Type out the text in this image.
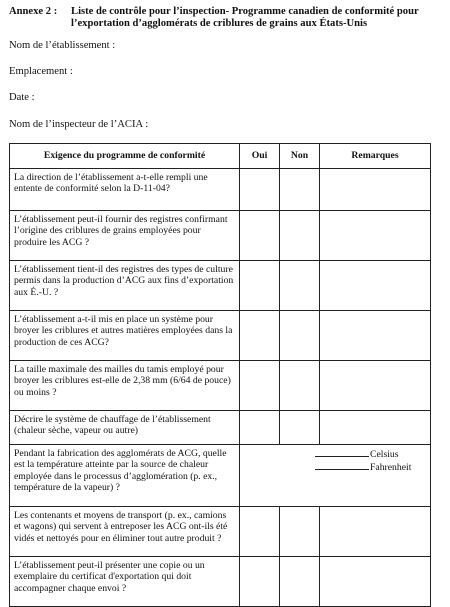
Annexe 2 :	Liste de contrôle pour l’inspection- Programme canadien de conformité pour l’exportation d’agglomérats de criblures de grains aux États-Unis
Nom de l’établissement :
Emplacement :
Date :
Nom de l’inspecteur de l’ACIA :
Exigence du programme de conformité	Oui	Non	Remarques
La direction de l’établissement a-t-elle rempli une entente de conformité selon la D-11-04?			
L’établissement peut-il fournir des registres confirmant l’origine des criblures de grains employées pour produire les ACG ?			
L’établissement tient-il des registres des types de culture permis dans la production d’ACG aux fins d’exportation aux É.-U. ?			
L’établissement a-t-il mis en place un système pour broyer les criblures et autres matières employées dans la production de ces ACG?			
La taille maximale des mailles du tamis employé pour broyer les criblures est-elle de 2,38 mm (6/64 de pouce) ou moins ?			
Décrire le système de chauffage de l’établissement (chaleur sèche, vapeur ou autre)			
Pendant la fabrication des agglomérats de ACG, quelle est la température atteinte par la source de chaleur employée dans le processus d’agglomération (p. ex., température de la vapeur) ?	Celsius
Fahrenheit		

Les contenants et moyens de transport (p. ex., camions et wagons) qui servent à entreposer les ACG ont-ils été vidés et nettoyés pour en éliminer tout autre produit ?			
L’établissement peut-il présenter une copie ou un exemplaire du certificat d'exportation qui doit accompagner chaque envoi ?			
